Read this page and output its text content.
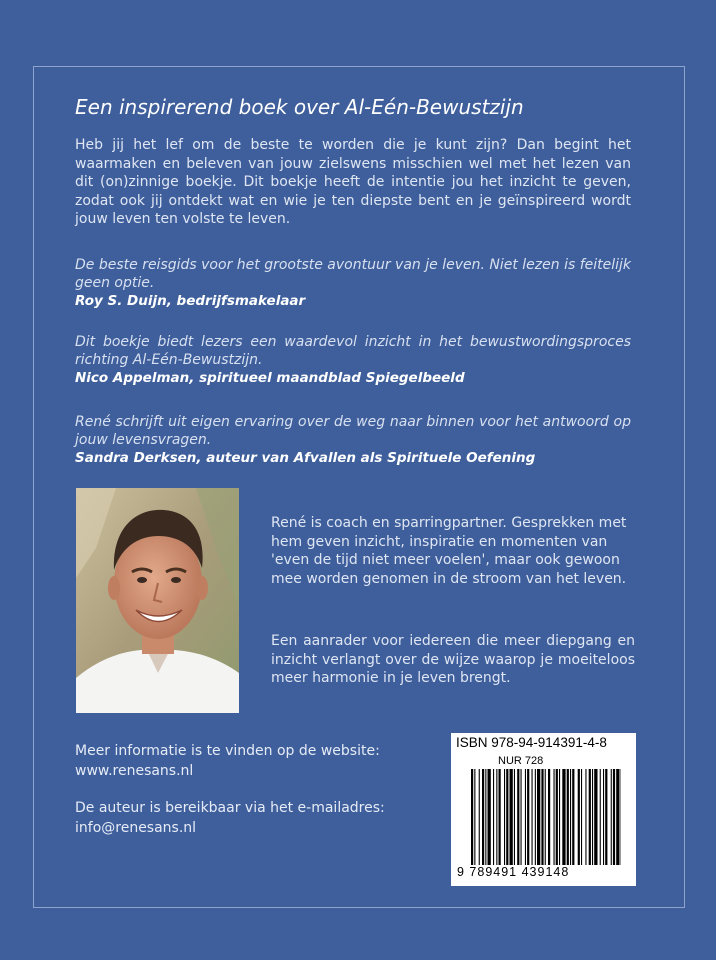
Een inspirerend boek over Al-Eén-Bewustzijn

Heb jij het lef om de beste te worden die je kunt zijn? Dan begint het waarmaken en beleven van jouw zielswens misschien wel met het lezen van dit (on)zinnige boekje. Dit boekje heeft de intentie jou het inzicht te geven, zodat ook jij ontdekt wat en wie je ten diepste bent en je geïnspireerd wordt jouw leven ten volste te leven.

De beste reisgids voor het grootste avontuur van je leven. Niet lezen is feitelijk geen optie.

Roy S. Duijn, bedrijfsmakelaar

Dit boekje biedt lezers een waardevol inzicht in het bewustwordingsproces richting Al-Eén-Bewustzijn.

Nico Appelman, spiritueel maandblad Spiegelbeeld

René schrijft uit eigen ervaring over de weg naar binnen voor het antwoord op jouw levensvragen.

Sandra Derksen, auteur van Afvallen als Spirituele Oefening

René is coach en sparringpartner. Gesprekken met hem geven inzicht, inspiratie en momenten van 'even de tijd niet meer voelen', maar ook gewoon mee worden genomen in de stroom van het leven.

Een aanrader voor iedereen die meer diepgang en inzicht verlangt over de wijze waarop je moeiteloos meer harmonie in je leven brengt.

Meer informatie is te vinden op de website:
www.renesans.nl
De auteur is bereikbaar via het e-mailadres:
info@renesans.nl
ISBN 978-94-914391-4-8
NUR 728
9 789491 439148
